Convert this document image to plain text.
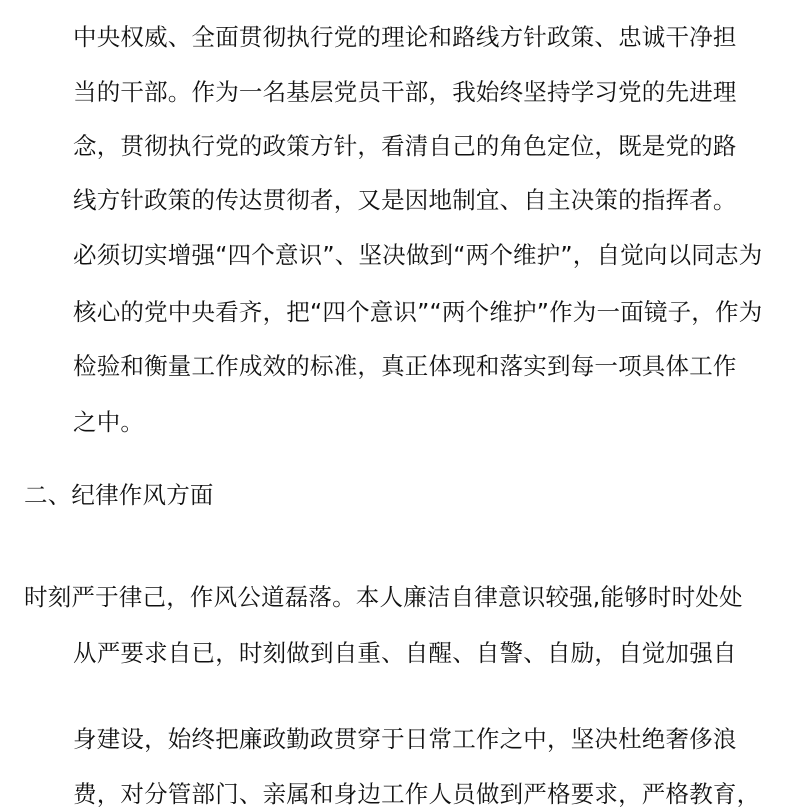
中央权威、全面贯彻执行党的理论和路线方针政策、忠诚干净担
当的干部。作为一名基层党员干部，我始终坚持学习党的先进理
念，贯彻执行党的政策方针，看清自己的角色定位，既是党的路
线方针政策的传达贯彻者，又是因地制宜、自主决策的指挥者。
必须切实增强“四个意识”、坚决做到“两个维护”，自觉向以同志为
核心的党中央看齐，把“四个意识”“两个维护”作为一面镜子，作为
检验和衡量工作成效的标准，真正体现和落实到每一项具体工作
之中。
二、纪律作风方面
时刻严于律己，作风公道磊落。本人廉洁自律意识较强,能够时时处处
从严要求自已，时刻做到自重、自醒、自警、自励，自觉加强自
身建设，始终把廉政勤政贯穿于日常工作之中，坚决杜绝奢侈浪
费，对分管部门、亲属和身边工作人员做到严格要求，严格教育，
